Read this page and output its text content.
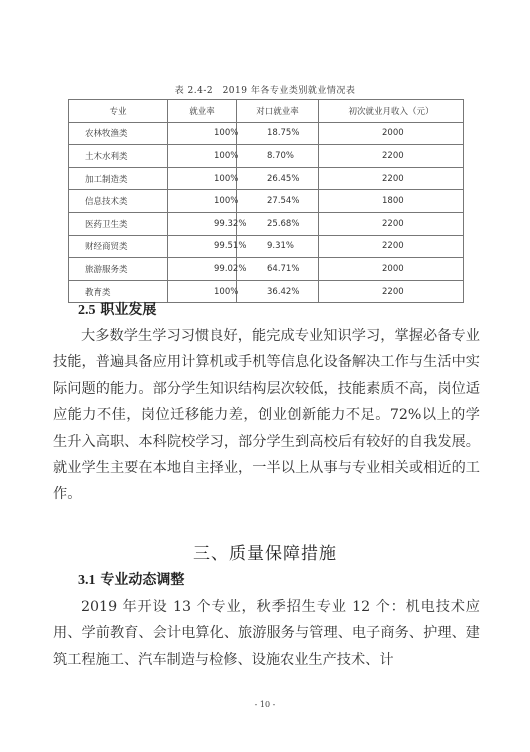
表 2.4-2　2019 年各专业类别就业情况表
专业	就业率	对口就业率	初次就业月收入（元）
农林牧渔类	100%	18.75%	2000
土木水利类	100%	8.70%	2200
加工制造类	100%	26.45%	2200
信息技术类	100%	27.54%	1800
医药卫生类	99.32%	25.68%	2200
财经商贸类	99.51%	9.31%	2200
旅游服务类	99.02%	64.71%	2000
教育类	100%	36.42%	2200
2.5 职业发展

大多数学生学习习惯良好，能完成专业知识学习，掌握必备专业技能，普遍具备应用计算机或手机等信息化设备解决工作与生活中实际问题的能力。部分学生知识结构层次较低，技能素质不高，岗位适应能力不佳，岗位迁移能力差，创业创新能力不足。72%以上的学生升入高职、本科院校学习，部分学生到高校后有较好的自我发展。就业学生主要在本地自主择业，一半以上从事与专业相关或相近的工作。

三、质量保障措施
3.1 专业动态调整

2019 年开设 13 个专业，秋季招生专业 12 个：机电技术应用、学前教育、会计电算化、旅游服务与管理、电子商务、护理、建筑工程施工、汽车制造与检修、设施农业生产技术、计

- 10 -
